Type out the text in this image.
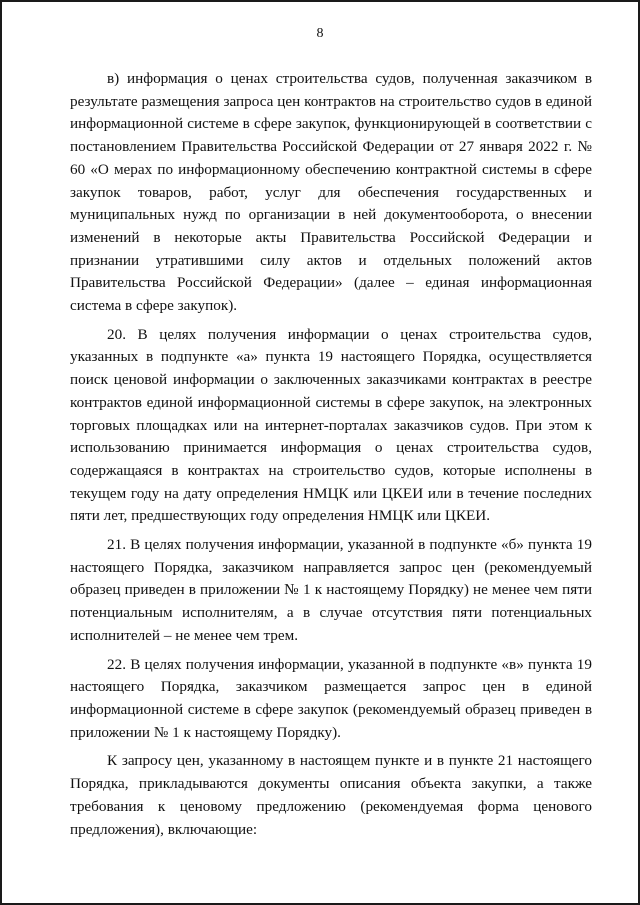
8

в) информация о ценах строительства судов, полученная заказчиком в результате размещения запроса цен контрактов на строительство судов в единой информационной системе в сфере закупок, функционирующей в соответствии с постановлением Правительства Российской Федерации от 27 января 2022 г. № 60 «О мерах по информационному обеспечению контрактной системы в сфере закупок товаров, работ, услуг для обеспечения государственных и муниципальных нужд по организации в ней документооборота, о внесении изменений в некоторые акты Правительства Российской Федерации и признании утратившими силу актов и отдельных положений актов Правительства Российской Федерации» (далее – единая информационная система в сфере закупок).

20. В целях получения информации о ценах строительства судов, указанных в подпункте «а» пункта 19 настоящего Порядка, осуществляется поиск ценовой информации о заключенных заказчиками контрактах в реестре контрактов единой информационной системы в сфере закупок, на электронных торговых площадках или на интернет-порталах заказчиков судов. При этом к использованию принимается информация о ценах строительства судов, содержащаяся в контрактах на строительство судов, которые исполнены в текущем году на дату определения НМЦК или ЦКЕИ или в течение последних пяти лет, предшествующих году определения НМЦК или ЦКЕИ.

21. В целях получения информации, указанной в подпункте «б» пункта 19 настоящего Порядка, заказчиком направляется запрос цен (рекомендуемый образец приведен в приложении № 1 к настоящему Порядку) не менее чем пяти потенциальным исполнителям, а в случае отсутствия пяти потенциальных исполнителей – не менее чем трем.

22. В целях получения информации, указанной в подпункте «в» пункта 19 настоящего Порядка, заказчиком размещается запрос цен в единой информационной системе в сфере закупок (рекомендуемый образец приведен в приложении № 1 к настоящему Порядку).

К запросу цен, указанному в настоящем пункте и в пункте 21 настоящего Порядка, прикладываются документы описания объекта закупки, а также требования к ценовому предложению (рекомендуемая форма ценового предложения), включающие:
